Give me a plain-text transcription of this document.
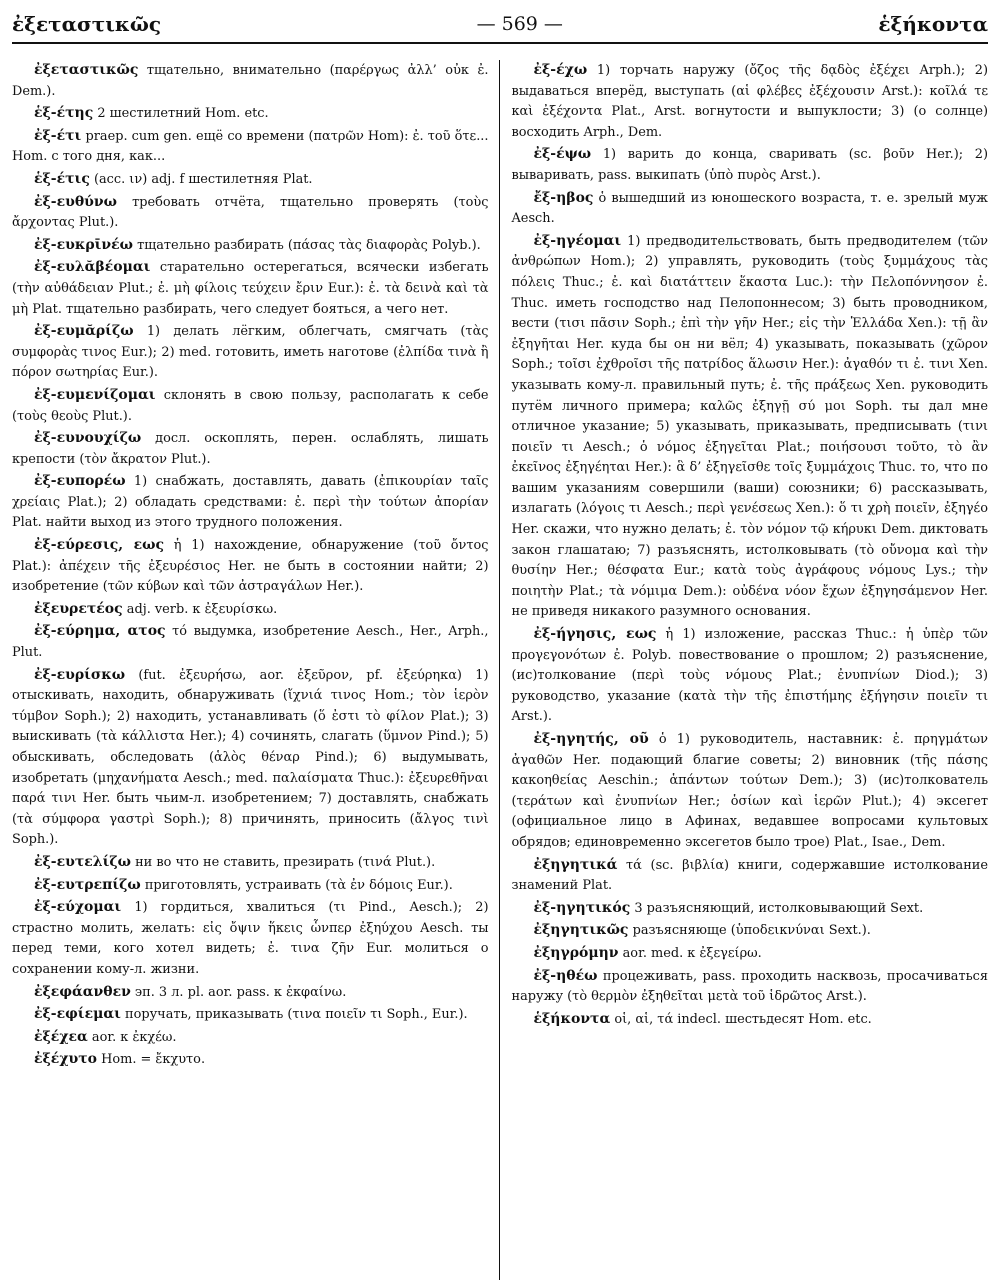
ἐξεταστικῶς	— 569 —	ἑξήκοντα

ἐξεταστικῶς тщательно, внимательно (παρέργως ἀλλ’ οὐκ ἐ. Dem.).

ἑξ-έτης 2 шестилетний Hom. etc.

ἐξ-έτι praep. cum gen. ещё со времени (πατρῶν Hom): ἐ. τοῦ ὅτε... Hom. с того дня, как...

ἑξ-έτις (acc. ιν) adj. f шестилетняя Plat.

ἐξ-ευθύνω требовать отчёта, тщательно проверять (τοὺς ἄρχοντας Plut.).

ἐξ-ευκρῑνέω тщательно разбирать (πάσας τὰς διαφορὰς Polyb.).

ἐξ-ευλᾰβέομαι старательно остерегаться, всячески избегать (τὴν αὐθάδειαν Plut.; ἐ. μὴ φίλοις τεύχειν ἔριν Eur.): ἐ. τὰ δεινὰ καὶ τὰ μὴ Plat. тщательно разбирать, чего следует бояться, а чего нет.

ἐξ-ευμᾰρίζω 1) делать лёгким, облегчать, смягчать (τὰς συμφορὰς τινος Eur.); 2) med. готовить, иметь наготове (ἐλπίδα τινὰ ἢ πόρον σωτηρίας Eur.).

ἐξ-ευμενίζομαι склонять в свою пользу, располагать к себе (τοὺς θεοὺς Plut.).

ἐξ-ευνουχίζω досл. оскоплять, перен. ослаблять, лишать крепости (τὸν ἄκρατον Plut.).

ἐξ-ευπορέω 1) снабжать, доставлять, давать (ἐπικουρίαν ταῖς χρείαις Plat.); 2) обладать средствами: ἐ. περὶ τὴν τούτων ἀπορίαν Plat. найти выход из этого трудного положения.

ἐξ-εύρεσις, εως ἡ 1) нахождение, обнаружение (τοῦ ὄντος Plat.): ἀπέχειν τῆς ἐξευρέσιος Her. не быть в состоянии найти; 2) изобретение (τῶν κύβων καὶ τῶν ἀστραγάλων Her.).

ἐξευρετέος adj. verb. к ἐξευρίσκω.

ἐξ-εύρημα, ατος τό выдумка, изобретение Aesch., Her., Arph., Plut.

ἐξ-ευρίσκω (fut. ἐξευρήσω, aor. ἐξεῦρον, pf. ἐξεύρηκα) 1) отыскивать, находить, обнаруживать (ἴχνιά τινος Hom.; τὸν ἱερὸν τύμβον Soph.); 2) находить, устанавливать (ὅ ἐστι τὸ φίλον Plat.); 3) выискивать (τὰ κάλλιστα Her.); 4) сочинять, слагать (ὕμνον Pind.); 5) обыскивать, обследовать (ἁλὸς θέναρ Pind.); 6) выдумывать, изобретать (μηχανήματα Aesch.; med. παλαίσματα Thuc.): ἐξευρεθῆναι παρά τινι Her. быть чьим-л. изобретением; 7) доставлять, снабжать (τὰ σύμφορα γαστρὶ Soph.); 8) причинять, приносить (ἄλγος τινὶ Soph.).

ἐξ-ευτελίζω ни во что не ставить, презирать (τινά Plut.).

ἐξ-ευτρεπίζω приготовлять, устраивать (τὰ ἐν δόμοις Eur.).

ἐξ-εύχομαι 1) гордиться, хвалиться (τι Pind., Aesch.); 2) страстно молить, желать: εἰς ὄψιν ἥκεις ὧνπερ ἐξηύχου Aesch. ты перед теми, кого хотел видеть; ἐ. τινα ζῆν Eur. молиться о сохранении кому-л. жизни.

ἐξεφάανθεν эп. 3 л. pl. aor. pass. к ἐκφαίνω.

ἐξ-εφίεμαι поручать, приказывать (τινα ποιεῖν τι Soph., Eur.).

ἐξέχεα aor. к ἐκχέω.

ἐξέχυτο Hom. = ἔκχυτο.

ἐξ-έχω 1) торчать наружу (ὄζος τῆς δᾳδὸς ἐξέχει Arph.); 2) выдаваться вперёд, выступать (αἱ φλέβες ἐξέχουσιν Arst.): κοῖλά τε καὶ ἐξέχοντα Plat., Arst. вогнутости и выпуклости; 3) (о солнце) восходить Arph., Dem.

ἐξ-έψω 1) варить до конца, сваривать (sc. βοῦν Her.); 2) вываривать, pass. выкипать (ὑπὸ πυρὸς Arst.).

ἔξ-ηβος ὁ вышедший из юношеского возраста, т. е. зрелый муж Aesch.

ἐξ-ηγέομαι 1) предводительствовать, быть предводителем (τῶν ἀνθρώπων Hom.); 2) управлять, руководить (τοὺς ξυμμάχους τὰς πόλεις Thuc.; ἐ. καὶ διατάττειν ἕκαστα Luc.): τὴν Πελοπόννησον ἐ. Thuc. иметь господство над Пелопоннесом; 3) быть проводником, вести (τισι πᾶσιν Soph.; ἐπὶ τὴν γῆν Her.; εἰς τὴν Ἑλλάδα Xen.): τῇ ἂν ἐξηγῆται Her. куда бы он ни вёл; 4) указывать, показывать (χῶρον Soph.; τοῖσι ἐχθροῖσι τῆς πατρίδος ἅλωσιν Her.): ἀγαθόν τι ἐ. τινι Xen. указывать кому-л. правильный путь; ἐ. τῆς πράξεως Xen. руководить путём личного примера; καλῶς ἐξηγῇ σύ μοι Soph. ты дал мне отличное указание; 5) указывать, приказывать, предписывать (τινι ποιεῖν τι Aesch.; ὁ νόμος ἐξηγεῖται Plat.; ποιήσουσι τοῦτο, τὸ ἂν ἐκεῖνος ἐξηγέηται Her.): ἃ δ’ ἐξηγεῖσθε τοῖς ξυμμάχοις Thuc. то, что по вашим указаниям совершили (ваши) союзники; 6) рассказывать, излагать (λόγοις τι Aesch.; περὶ γενέσεως Xen.): ὅ τι χρὴ ποιεῖν, ἐξηγέο Her. скажи, что нужно делать; ἐ. τὸν νόμον τῷ κήρυκι Dem. диктовать закон глашатаю; 7) разъяснять, истолковывать (τὸ οὔνομα καὶ τὴν θυσίην Her.; θέσφατα Eur.; κατὰ τοὺς ἀγράφους νόμους Lys.; τὴν ποιητὴν Plat.; τὰ νόμιμα Dem.): οὐδένα νόον ἔχων ἐξηγησάμενον Her. не приведя никакого разумного основания.

ἐξ-ήγησις, εως ἡ 1) изложение, рассказ Thuc.: ἡ ὑπὲρ τῶν προγεγονότων ἐ. Polyb. повествование о прошлом; 2) разъяснение, (ис)толкование (περὶ τοὺς νόμους Plat.; ἐνυπνίων Diod.); 3) руководство, указание (κατὰ τὴν τῆς ἐπιστήμης ἐξήγησιν ποιεῖν τι Arst.).

ἐξ-ηγητής, οῦ ὁ 1) руководитель, наставник: ἐ. πρηγμάτων ἀγαθῶν Her. подающий благие советы; 2) виновник (τῆς πάσης κακοηθείας Aeschin.; ἁπάντων τούτων Dem.); 3) (ис)толкователь (τεράτων καὶ ἐνυπνίων Her.; ὁσίων καὶ ἱερῶν Plut.); 4) эксегет (официальное лицо в Афинах, ведавшее вопросами культовых обрядов; единовременно эксегетов было трое) Plat., Isae., Dem.

ἐξηγητικά τά (sc. βιβλία) книги, содержавшие истолкование знамений Plat.

ἐξ-ηγητικός 3 разъясняющий, истолковывающий Sext.

ἐξηγητικῶς разъясняюще (ὑποδεικνύναι Sext.).

ἐξηγρόμην aor. med. к ἐξεγείρω.

ἐξ-ηθέω процеживать, pass. проходить насквозь, просачиваться наружу (τὸ θερμὸν ἐξηθεῖται μετὰ τοῦ ἱδρῶτος Arst.).

ἑξήκοντα οἱ, αἱ, τά indecl. шестьдесят Hom. etc.
